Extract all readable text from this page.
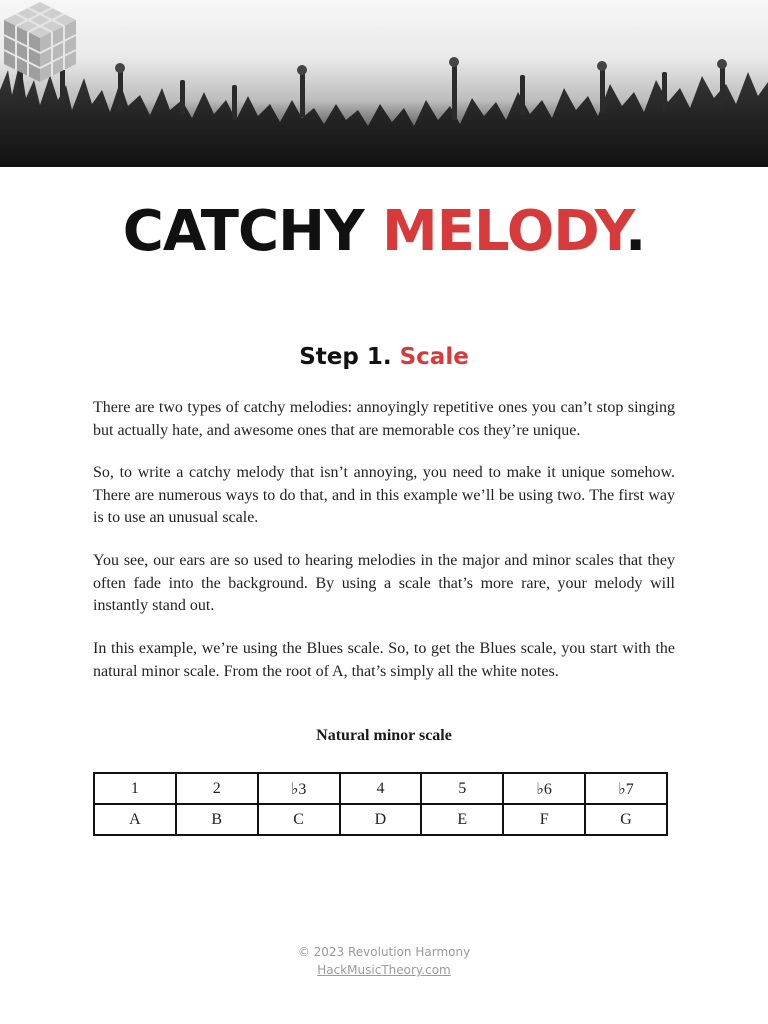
CATCHY MELODY.
Step 1. Scale

There are two types of catchy melodies: annoyingly repetitive ones you can’t stop singing but actually hate, and awesome ones that are memorable cos they’re unique.

So, to write a catchy melody that isn’t annoying, you need to make it unique somehow. There are numerous ways to do that, and in this example we’ll be using two. The first way is to use an unusual scale.

You see, our ears are so used to hearing melodies in the major and minor scales that they often fade into the background. By using a scale that’s more rare, your melody will instantly stand out.

In this example, we’re using the Blues scale. So, to get the Blues scale, you start with the natural minor scale. From the root of A, that’s simply all the white notes.

Natural minor scale

1	2	♭3	4	5	♭6	♭7
A	B	C	D	E	F	G
© 2023 Revolution Harmony
HackMusicTheory.com
